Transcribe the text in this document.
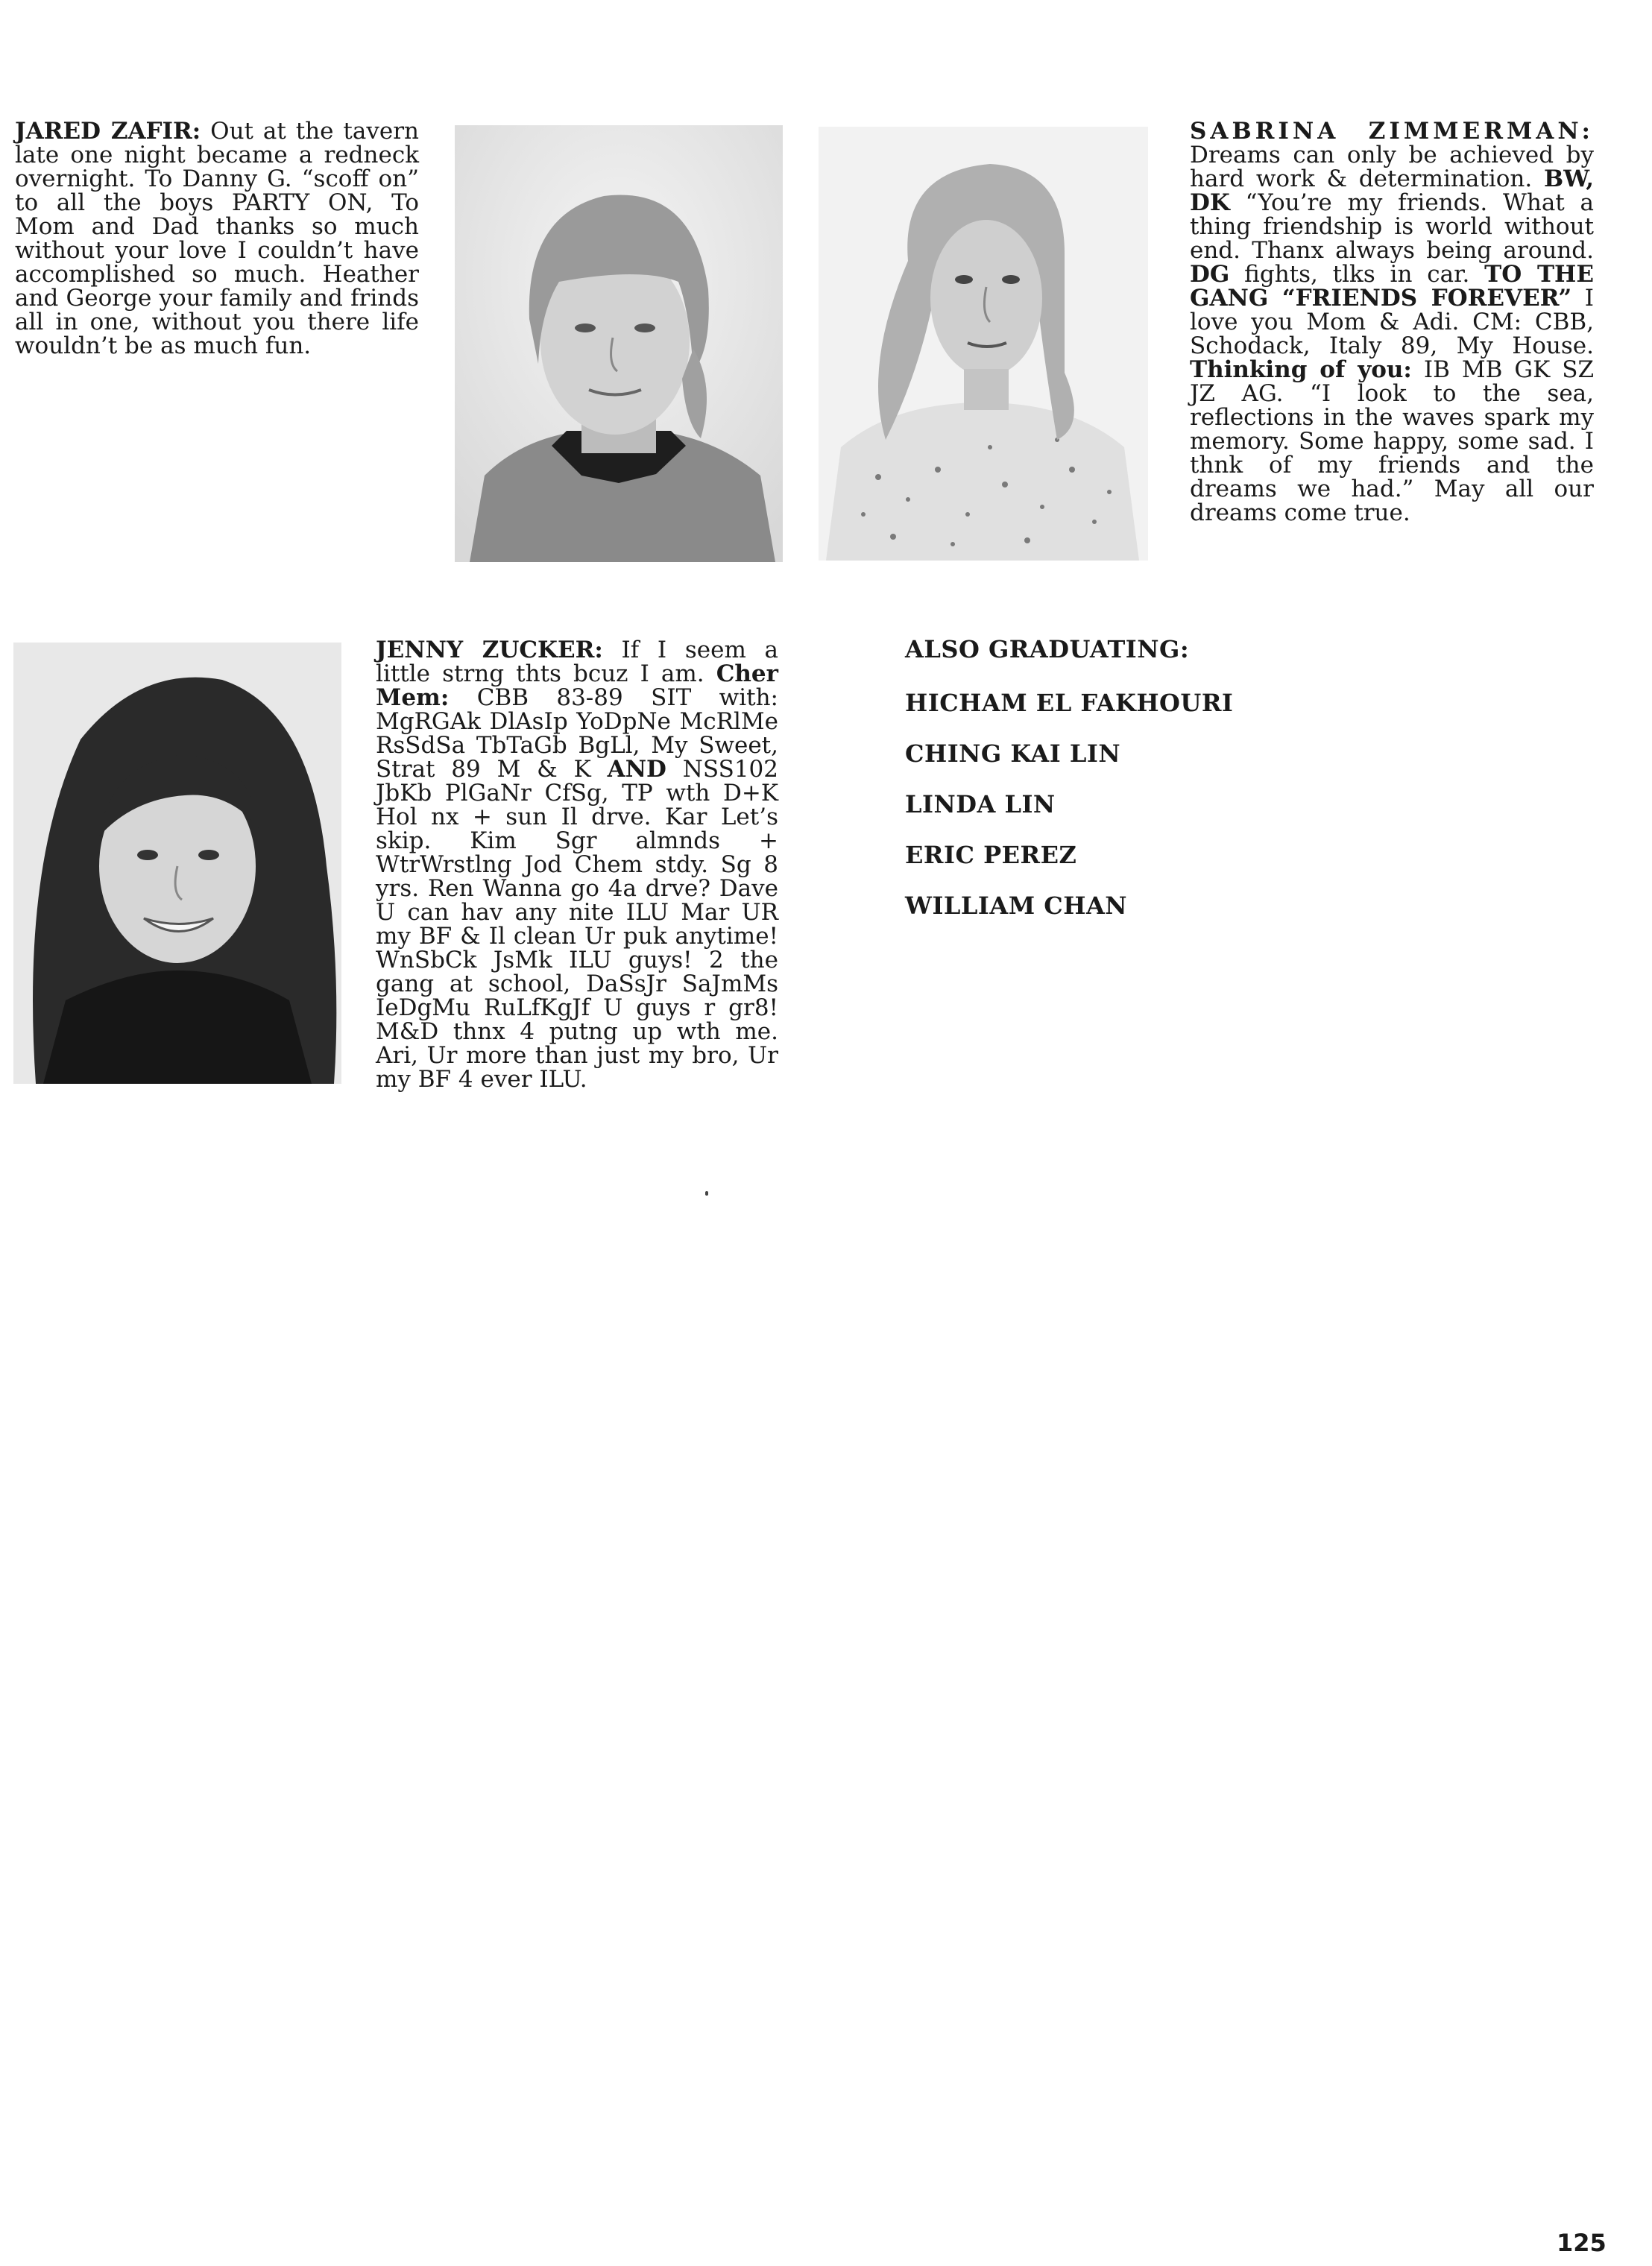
JARED ZAFIR: Out at the tavern late one night became a redneck overnight. To Danny G. “scoff on” to all the boys PARTY ON, To Mom and Dad thanks so much without your love I couldn’t have accomplished so much. Heather and George your family and frinds all in one, without you there life wouldn’t be as much fun.
SABRINA ZIMMERMAN: Dreams can only be achieved by hard work & determination. BW, DK “You’re my friends. What a thing friendship is world without end. Thanx always being around. DG fights, tlks in car. TO THE GANG “FRIENDS FOREVER” I love you Mom & Adi. CM: CBB, Schodack, Italy 89, My House. Thinking of you: IB MB GK SZ JZ AG. “I look to the sea, reflections in the waves spark my memory. Some happy, some sad. I thnk of my friends and the dreams we had.” May all our dreams come true.
JENNY ZUCKER: If I seem a little strng thts bcuz I am. Cher Mem: CBB 83-89 SIT with: MgRGAk DlAsIp YoDpNe McRlMe RsSdSa TbTaGb BgLl, My Sweet, Strat 89 M & K AND NSS102 JbKb PlGaNr CfSg, TP wth D+K Hol nx + sun Il drve. Kar Let’s skip. Kim Sgr almnds + WtrWrstlng Jod Chem stdy. Sg 8 yrs. Ren Wanna go 4a drve? Dave U can hav any nite ILU Mar UR my BF & Il clean Ur puk anytime! WnSbCk JsMk ILU guys! 2 the gang at school, DaSsJr SaJmMs IeDgMu RuLfKgJf U guys r gr8! M&D thnx 4 putng up wth me. Ari, Ur more than just my bro, Ur my BF 4 ever ILU.
ALSO GRADUATING:
HICHAM EL FAKHOURI
CHING KAI LIN
LINDA LIN
ERIC PEREZ
WILLIAM CHAN
125
